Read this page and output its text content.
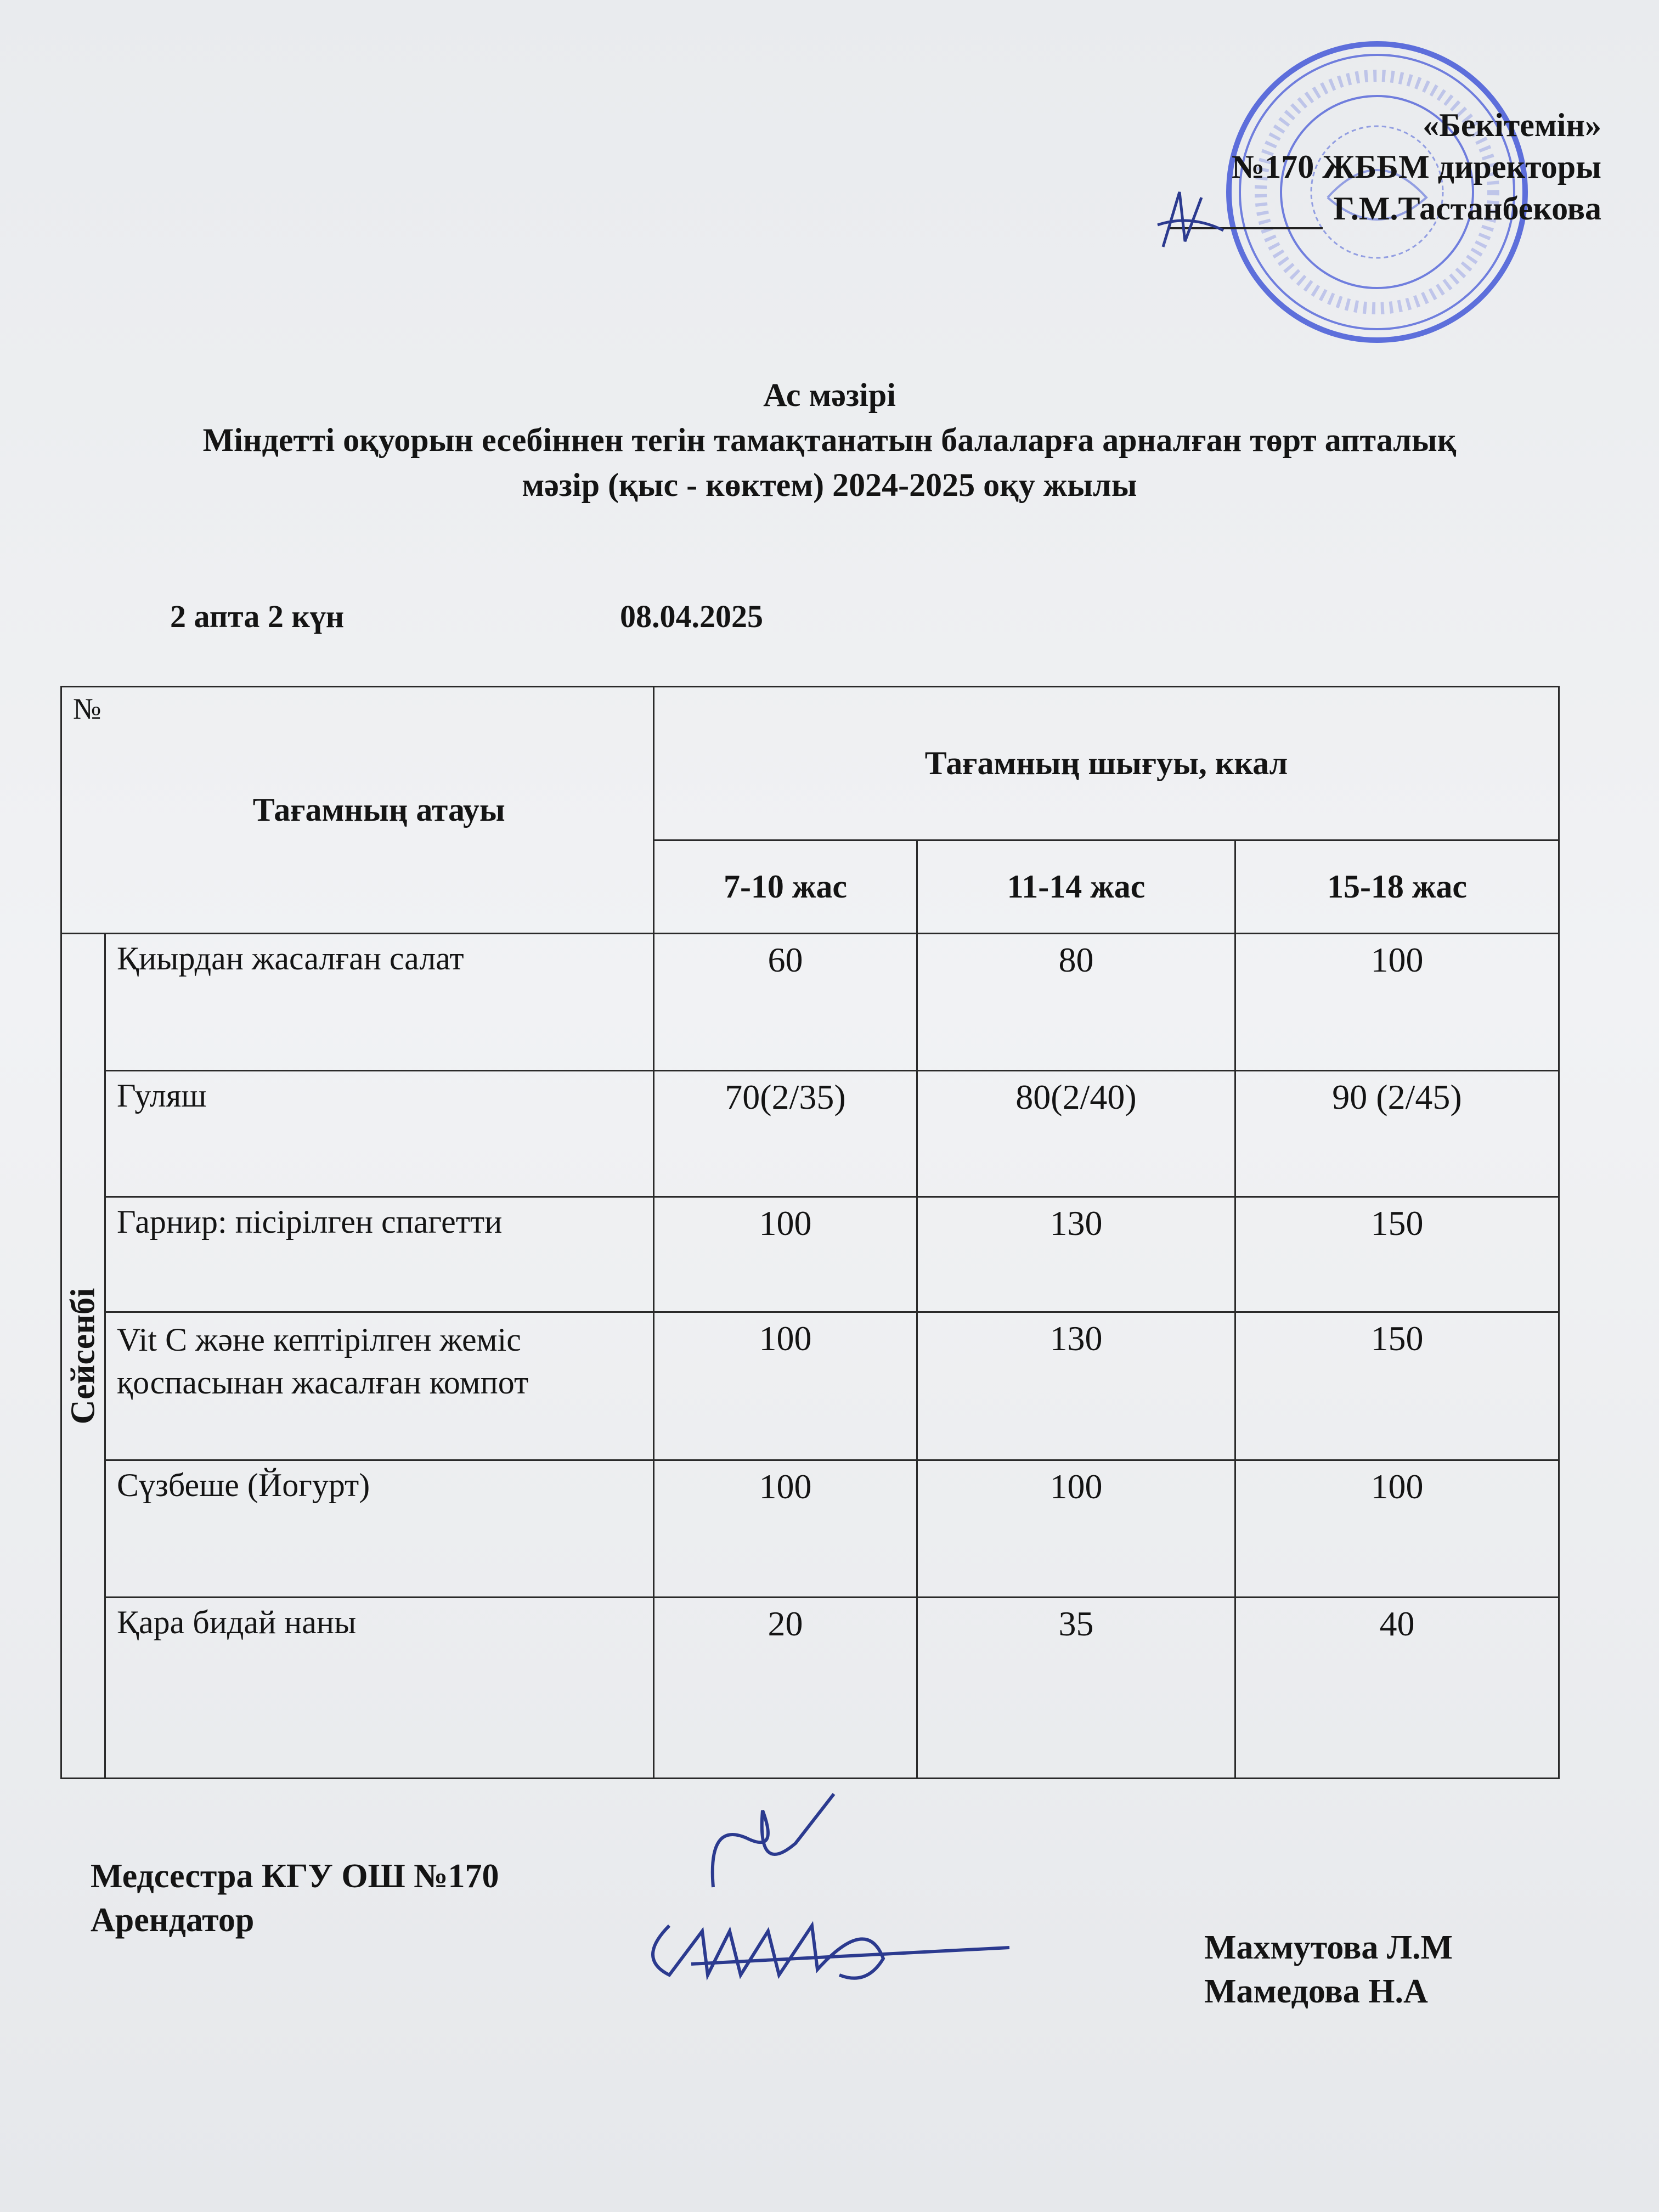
«Бекітемін»
№170 ЖББМ директоры
Г.М.Тастанбекова
Ас мәзірі
Міндетті оқуорын есебіннен тегін тамақтанатын балаларға арналған төрт апталық
мәзір (қыс - көктем) 2024-2025 оқу жылы
2 апта 2 күн	08.04.2025
№	Тағамның атауы	Тағамның шығуы, ккал		
		7-10 жас	11-14 жас	15-18 жас

Сейсенбі	Қиырдан жасалған салат	60	80	100
	Гуляш	70(2/35)	80(2/40)	90 (2/45)
	Гарнир: пісірілген спагетти	100	130	150
	Vit C және кептірілген жеміс қоспасынан жасалған компот	100	130	150
	Сүзбеше (Йогурт)	100	100	100
	Қара бидай наны	20	35	40
Медсестра КГУ ОШ №170
Арендатор
Махмутова Л.М
Мамедова Н.А
